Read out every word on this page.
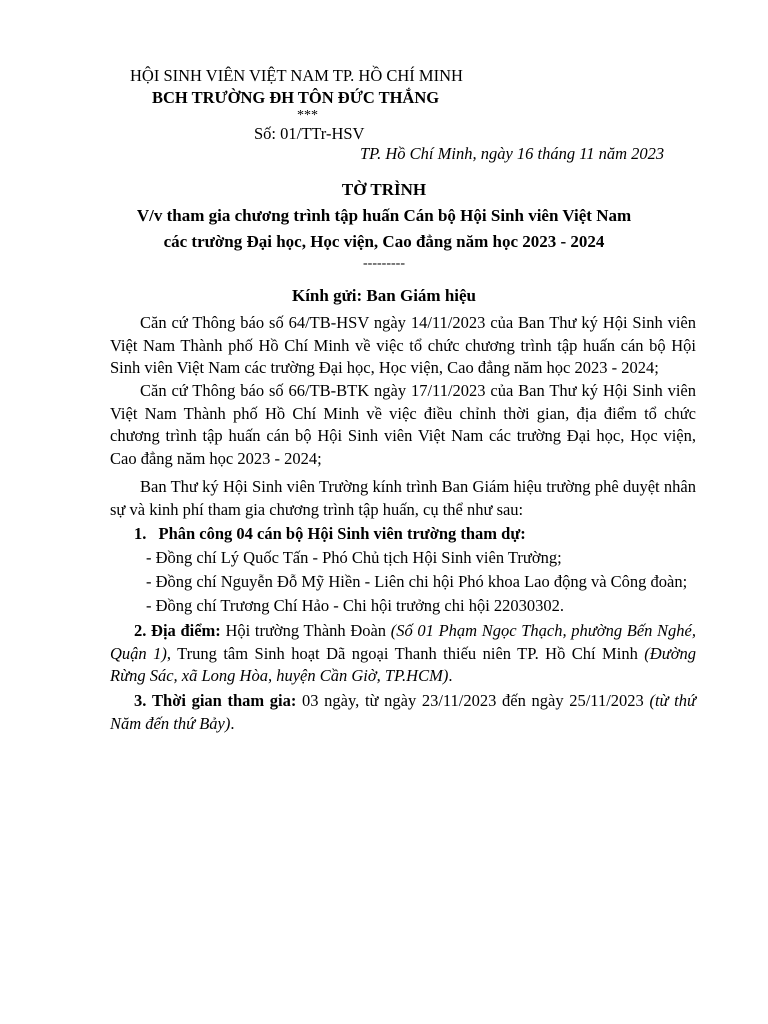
HỘI SINH VIÊN VIỆT NAM TP. HỒ CHÍ MINH
BCH TRƯỜNG ĐH TÔN ĐỨC THẮNG
***
Số: 01/TTr-HSV
TP. Hồ Chí Minh, ngày 16 tháng 11 năm 2023
TỜ TRÌNH
V/v tham gia chương trình tập huấn Cán bộ Hội Sinh viên Việt Nam
các trường Đại học, Học viện, Cao đẳng năm học 2023 - 2024
---------
Kính gửi: Ban Giám hiệu

Căn cứ Thông báo số 64/TB-HSV ngày 14/11/2023 của Ban Thư ký Hội Sinh viên Việt Nam Thành phố Hồ Chí Minh về việc tổ chức chương trình tập huấn cán bộ Hội Sinh viên Việt Nam các trường Đại học, Học viện, Cao đẳng năm học 2023 - 2024;

Căn cứ Thông báo số 66/TB-BTK ngày 17/11/2023 của Ban Thư ký Hội Sinh viên Việt Nam Thành phố Hồ Chí Minh về việc điều chỉnh thời gian, địa điểm tổ chức chương trình tập huấn cán bộ Hội Sinh viên Việt Nam các trường Đại học, Học viện, Cao đẳng năm học 2023 - 2024;

Ban Thư ký Hội Sinh viên Trường kính trình Ban Giám hiệu trường phê duyệt nhân sự và kinh phí tham gia chương trình tập huấn, cụ thể như sau:

1. Phân công 04 cán bộ Hội Sinh viên trường tham dự:
- Đồng chí Lý Quốc Tấn - Phó Chủ tịch Hội Sinh viên Trường;
- Đồng chí Nguyễn Đỗ Mỹ Hiền - Liên chi hội Phó khoa Lao động và Công đoàn;
- Đồng chí Trương Chí Hảo - Chi hội trưởng chi hội 22030302.

2. Địa điểm: Hội trường Thành Đoàn (Số 01 Phạm Ngọc Thạch, phường Bến Nghé, Quận 1), Trung tâm Sinh hoạt Dã ngoại Thanh thiếu niên TP. Hồ Chí Minh (Đường Rừng Sác, xã Long Hòa, huyện Cần Giờ, TP.HCM).

3. Thời gian tham gia: 03 ngày, từ ngày 23/11/2023 đến ngày 25/11/2023 (từ thứ Năm đến thứ Bảy).
